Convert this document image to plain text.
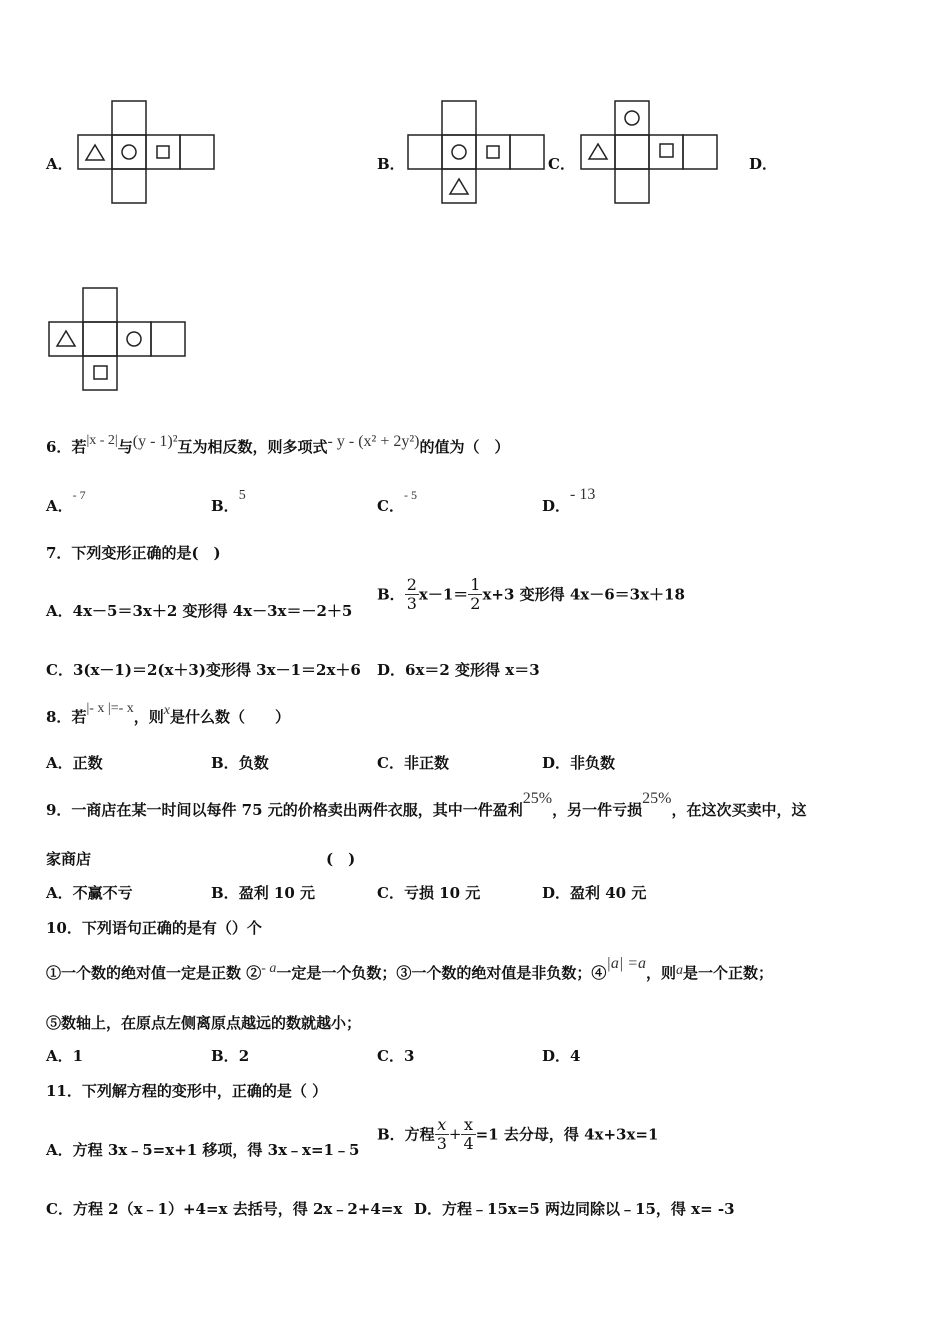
A．	B．	C．	D．
6．若|x - 2|与(y - 1)²互为相反数，则多项式- y - (x² + 2y²)的值为（　）
A．$^{- 7}$
B．5
C．$^{- 5}$
D．- 13
7．下列变形正确的是(　)
A．4x－5＝3x＋2 变形得 4x－3x＝－2＋5
B． $\frac{2}{3} x-1= \frac{1}{2} x+3$ 变形得 4x－6＝3x＋18
C．3(x－1)＝2(x＋3)变形得 3x－1＝2x＋6 D．6x＝2 变形得 x＝3
8．若|- x |=- x，则x是什么数（　　）
A．正数	B．负数	C．非正数	D．非负数
9．一商店在某一时间以每件 75 元的价格卖出两件衣服，其中一件盈利25%，另一件亏损25%，在这次买卖中，这
家商店	(　)
A．不赢不亏	B．盈利 10 元	C．亏损 10 元	D．盈利 40 元
10．下列语句正确的是有（）个
①一个数的绝对值一定是正数 ②- a一定是一个负数；③一个数的绝对值是非负数；④|a| =a，则a是一个正数；
⑤数轴上，在原点左侧离原点越远的数就越小；
A．1	B．2	C．3	D．4
11．下列解方程的变形中，正确的是（ ）
A．方程 3x﹣5=x+1 移项，得 3x﹣x=1﹣5
B．方程 $\frac{x}{3} + \frac{x}{4} =1$ 去分母，得 4x+3x=1
C．方程 2（x﹣1）+4=x 去括号，得 2x﹣2+4=x D．方程﹣15x=5 两边同除以﹣15，得 x= -3
